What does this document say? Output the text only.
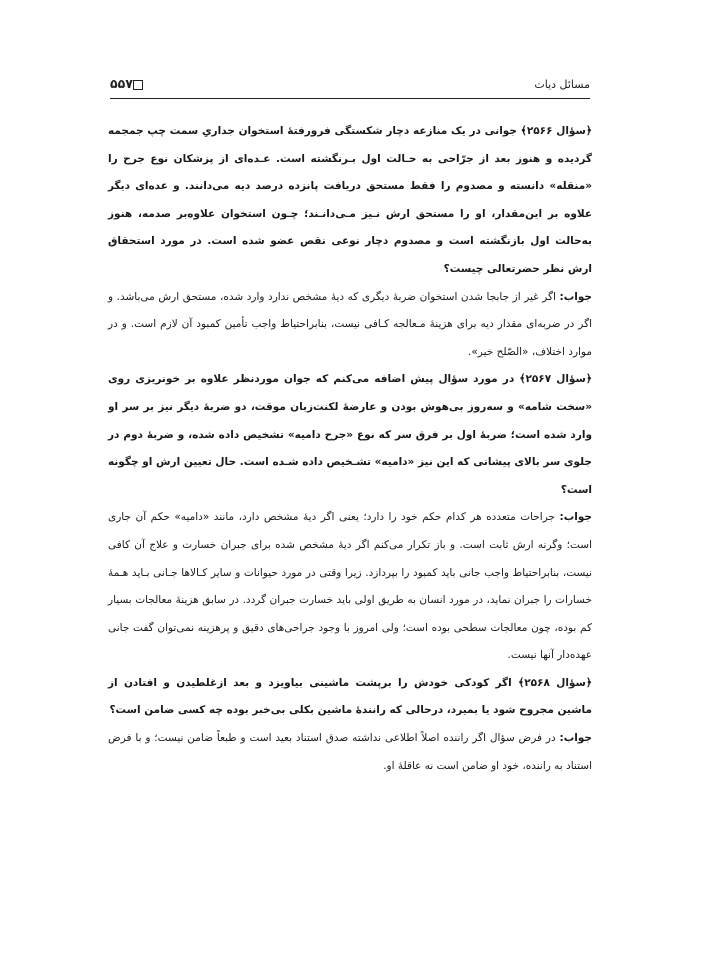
مسائل دیات
۵۵۷

﴿سؤال ۲۵۶۶﴾ جوانی در یک منازعه دچار شکستگی فرورفتهٔ استخوان جداریِ سمت چپ جمجمه گردیده و هنوز بعد از جرّاحی به حـالت اول بـرنگشته است. عـده‌ای از پزشکان نوع جرح را «منقله» دانسته و مصدوم را فقط مستحق دریافت پانزده درصد دیه می‌دانند. و عده‌ای دیگر علاوه بر این‌مقدار، او را مستحق ارش نـیز مـی‌دانـند؛ چـون استخوان علاوه‌بر صدمه، هنوز به‌حالت اول بازنگشته است و مصدوم دچار نوعی نقص عضو شده است. در مورد استحقاق ارش نظر حضرتعالی چیست؟

جواب: اگر غیر از جابجا شدن استخوان ضربهٔ دیگری که دیهٔ مشخص ندارد وارد شده، مستحق ارش می‌باشد. و اگر در ضربه‌ای مقدار دیه برای هزینهٔ مـعالجه کـافی نیست، بنابراحتیاط واجب تأمین کمبود آن لازم است. و در موارد اختلاف، «الصّلح خیر».

﴿سؤال ۲۵۶۷﴾ در مورد سؤال پیش اضافه می‌کنم که جوان موردنظر علاوه بر خونریزی روی «سخت شامه» و سه‌روز بی‌هوش بودن و عارضهٔ لکنت‌زبان موقت، دو ضربهٔ دیگر نیز بر سر او وارد شده است؛ ضربهٔ اول بر فرق سر که نوع «جرح دامیه» تشخیص داده شده، و ضربهٔ دوم در جلوی سر بالای پیشانی که این نیز «دامیه» تشـخیص داده شـده است. حال تعیین ارش او چگونه است؟

جواب: جراحات متعدده هر کدام حکم خود را دارد؛ یعنی اگر دیهٔ مشخص دارد، مانند «دامیه» حکم آن جاری است؛ وگرنه ارش ثابت است. و باز تکرار می‌کنم اگر دیهٔ مشخص شده برای جبران خسارت و علاج آن کافی نیست، بنابراحتیاط واجب جانی باید کمبود را بپردازد. زیرا وقتی در مورد حیوانات و سایر کـالاها جـانی بـاید هـمهٔ خسارات را جبران نماید، در مورد انسان به طریق اولی باید خسارت جبران گردد. در سابق هزینهٔ معالجات بسیار کم بوده، چون معالجات سطحی بوده است؛ ولی امروز با وجود جراحی‌های دقیق و پرهزینه نمی‌توان گفت جانی عهده‌دار آنها نیست.

﴿سؤال ۲۵۶۸﴾ اگر کودکی خودش را برپشت ماشینی بیاویزد و بعد ازغلطیدن و افتادن از ماشین مجروح شود یا بمیرد، درحالی که رانندهٔ ماشین بکلی بی‌خبر بوده چه کسی ضامن است؟

جواب: در فرض سؤال اگر راننده اصلاً اطلاعی نداشته صدق استناد بعید است و طبعاً ضامن نیست؛ و با فرض استناد به راننده، خود او ضامن است نه عاقلهٔ او.
